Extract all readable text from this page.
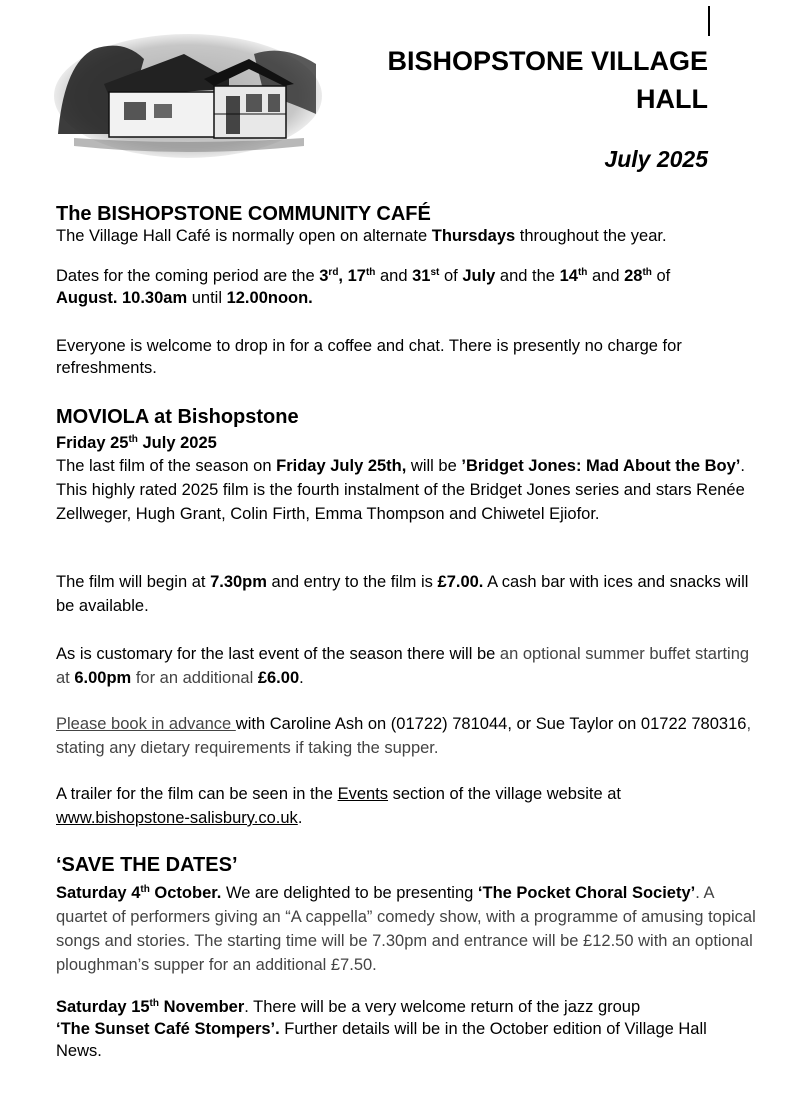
BISHOPSTONE VILLAGE
HALL
July 2025
The BISHOPSTONE COMMUNITY CAFÉ

The Village Hall Café is normally open on alternate Thursdays throughout the year.

Dates for the coming period are the 3rd, 17th and 31st of July and the 14th and 28th of
August. 10.30am until 12.00noon.

Everyone is welcome to drop in for a coffee and chat. There is presently no charge for refreshments.

MOVIOLA at Bishopstone

Friday 25th July 2025

The last film of the season on Friday July 25th, will be ’Bridget Jones: Mad About the Boy’. This highly rated 2025 film is the fourth instalment of the Bridget Jones series and stars Renée Zellweger, Hugh Grant, Colin Firth, Emma Thompson and Chiwetel Ejiofor.

The film will begin at 7.30pm and entry to the film is £7.00. A cash bar with ices and snacks will be available.

As is customary for the last event of the season there will be an optional summer buffet starting at 6.00pm for an additional £6.00.

Please book in advance with Caroline Ash on (01722) 781044, or Sue Taylor on 01722 780316, stating any dietary requirements if taking the supper.

A trailer for the film can be seen in the Events section of the village website at
www.bishopstone-salisbury.co.uk.

‘SAVE THE DATES’

Saturday 4th October. We are delighted to be presenting ‘The Pocket Choral Society’. A quartet of performers giving an “A cappella” comedy show, with a programme of amusing topical songs and stories. The starting time will be 7.30pm and entrance will be £12.50 with an optional ploughman’s supper for an additional £7.50.

Saturday 15th November. There will be a very welcome return of the jazz group
‘The Sunset Café Stompers’. Further details will be in the October edition of Village Hall News.
